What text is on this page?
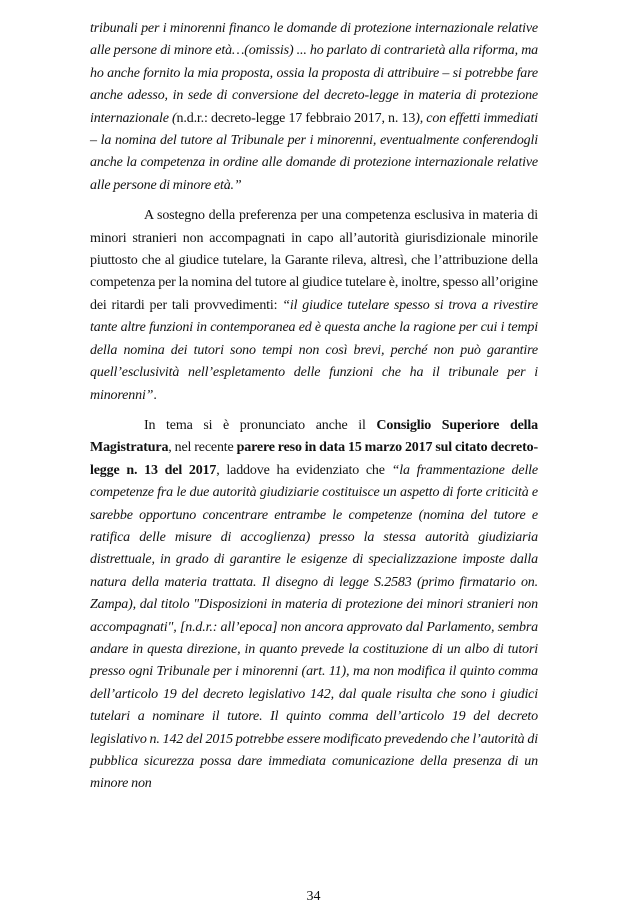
tribunali per i minorenni financo le domande di protezione internazionale relative alle persone di minore età…(omissis) ... ho parlato di contrarietà alla riforma, ma ho anche fornito la mia proposta, ossia la proposta di attribuire – si potrebbe fare anche adesso, in sede di conversione del decreto-legge in materia di protezione internazionale (n.d.r.: decreto-legge 17 febbraio 2017, n. 13), con effetti immediati – la nomina del tutore al Tribunale per i minorenni, eventualmente conferendogli anche la competenza in ordine alle domande di protezione internazionale relative alle persone di minore età.”

A sostegno della preferenza per una competenza esclusiva in materia di minori stranieri non accompagnati in capo all’autorità giurisdizionale minorile piuttosto che al giudice tutelare, la Garante rileva, altresì, che l’attribuzione della competenza per la nomina del tutore al giudice tutelare è, inoltre, spesso all’origine dei ritardi per tali provvedimenti: “il giudice tutelare spesso si trova a rivestire tante altre funzioni in contemporanea ed è questa anche la ragione per cui i tempi della nomina dei tutori sono tempi non così brevi, perché non può garantire quell’esclusività nell’espletamento delle funzioni che ha il tribunale per i minorenni”.

In tema si è pronunciato anche il Consiglio Superiore della Magistratura, nel recente parere reso in data 15 marzo 2017 sul citato decreto-legge n. 13 del 2017, laddove ha evidenziato che “la frammentazione delle competenze fra le due autorità giudiziarie costituisce un aspetto di forte criticità e sarebbe opportuno concentrare entrambe le competenze (nomina del tutore e ratifica delle misure di accoglienza) presso la stessa autorità giudiziaria distrettuale, in grado di garantire le esigenze di specializzazione imposte dalla natura della materia trattata. Il disegno di legge S.2583 (primo firmatario on. Zampa), dal titolo "Disposizioni in materia di protezione dei minori stranieri non accompagnati", [n.d.r.: all’epoca] non ancora approvato dal Parlamento, sembra andare in questa direzione, in quanto prevede la costituzione di un albo di tutori presso ogni Tribunale per i minorenni (art. 11), ma non modifica il quinto comma dell’articolo 19 del decreto legislativo 142, dal quale risulta che sono i giudici tutelari a nominare il tutore. Il quinto comma dell’articolo 19 del decreto legislativo n. 142 del 2015 potrebbe essere modificato prevedendo che l’autorità di pubblica sicurezza possa dare immediata comunicazione della presenza di un minore non

34
